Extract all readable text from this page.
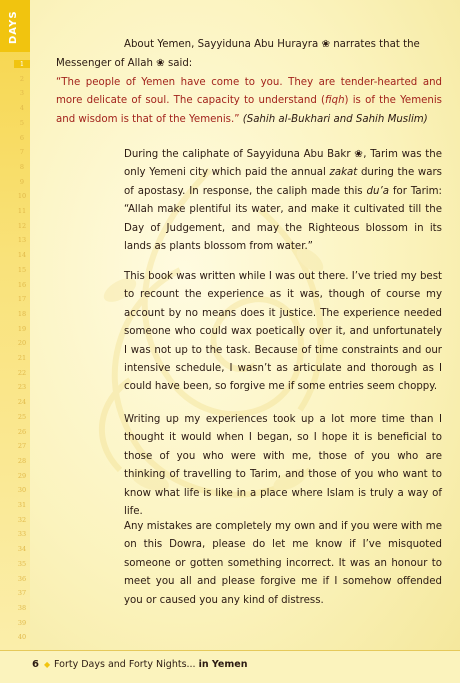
DAYS
1
2
3
4
5
6
7
8
9
10
11
12
13
14
15
16
17
18
19
20
21
22
23
24
25
26
27
28
29
30
31
32
33
34
35
36
37
38
39
40

About Yemen, Sayyiduna Abu Hurayra ❀ narrates that the

Messenger of Allah ❀ said:

“The people of Yemen have come to you. They are tender-hearted and more delicate of soul. The capacity to understand (fiqh) is of the Yemenis and wisdom is that of the Yemenis.” (Sahih al-Bukhari and Sahih Muslim)

During the caliphate of Sayyiduna Abu Bakr ❀, Tarim was the only Yemeni city which paid the annual zakat during the wars of apostasy. In response, the caliph made this du’a for Tarim: “Allah make plentiful its water, and make it cultivated till the Day of Judgement, and may the Righteous blossom in its lands as plants blossom from water.”

This book was written while I was out there. I’ve tried my best to recount the experience as it was, though of course my account by no means does it justice. The experience needed someone who could wax poetically over it, and unfortunately I was not up to the task. Because of time constraints and our intensive schedule, I wasn’t as articulate and thorough as I could have been, so forgive me if some entries seem choppy.

Writing up my experiences took up a lot more time than I thought it would when I began, so I hope it is beneficial to those of you who were with me, those of you who are thinking of travelling to Tarim, and those of you who want to know what life is like in a place where Islam is truly a way of life.

Any mistakes are completely my own and if you were with me on this Dowra, please do let me know if I’ve misquoted someone or gotten something incorrect. It was an honour to meet you all and please forgive me if I somehow offended you or caused you any kind of distress.

6 ◆ Forty Days and Forty Nights... in Yemen
